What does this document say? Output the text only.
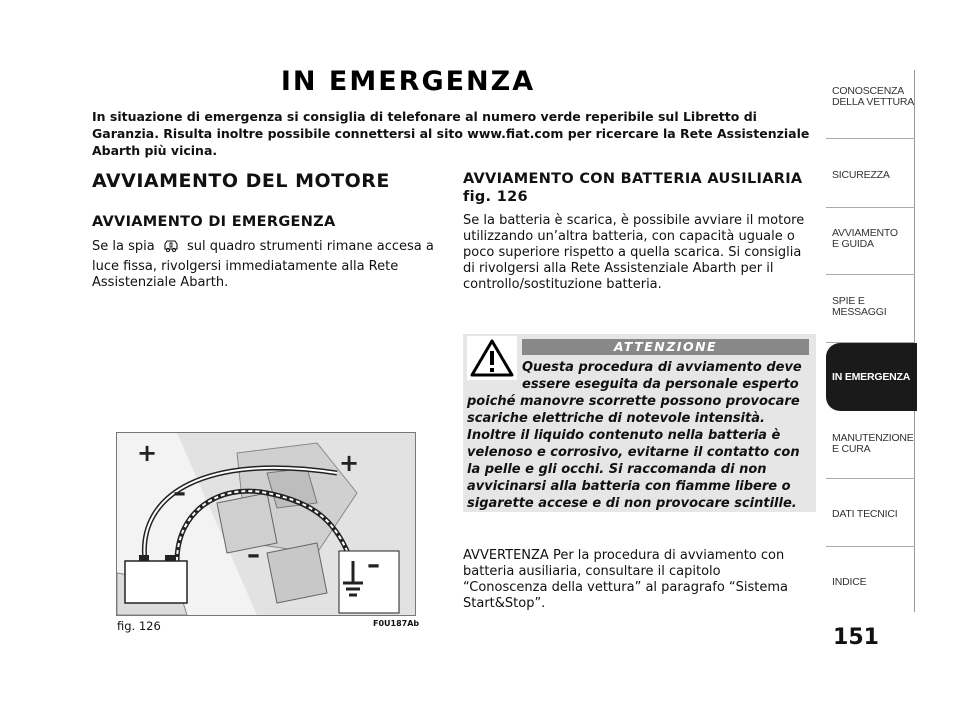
IN EMERGENZA
In situazione di emergenza si consiglia di telefonare al numero verde reperibile sul Libretto di Garanzia. Risulta inoltre possibile connettersi al sito www.fiat.com per ricercare la Rete Assistenziale Abarth più vicina.
AVVIAMENTO DEL MOTORE
AVVIAMENTO DI EMERGENZA
Se la spia sul quadro strumenti rimane accesa a luce fissa, rivolgersi immediatamente alla Rete Assistenziale Abarth.
AVVIAMENTO CON BATTERIA AUSILIARIA fig. 126
Se la batteria è scarica, è possibile avviare il motore utilizzando un’altra batteria, con capacità uguale o poco superiore rispetto a quella scarica. Si consiglia di rivolgersi alla Rete Assistenziale Abarth per il controllo/sostituzione batteria.
ATTENZIONE
Questa procedura di avviamento deve essere eseguita da personale esperto
poiché manovre scorrette possono provocare scariche elettriche di notevole intensità. Inoltre il liquido contenuto nella batteria è velenoso e corrosivo, evitarne il contatto con la pelle e gli occhi. Si raccomanda di non avvicinarsi alla batteria con fiamme libere o sigarette accese e di non provocare scintille.
AVVERTENZA Per la procedura di avviamento con batteria ausiliaria, consultare il capitolo “Conoscenza della vettura” al paragrafo “Sistema Start&Stop”.
+
–
+
–	–
fig. 126	F0U187Ab
151
CONOSCENZA DELLA VETTURA
SICUREZZA
AVVIAMENTO E GUIDA
SPIE E MESSAGGI
IN EMERGENZA
MANUTENZIONE E CURA
DATI TECNICI
INDICE
